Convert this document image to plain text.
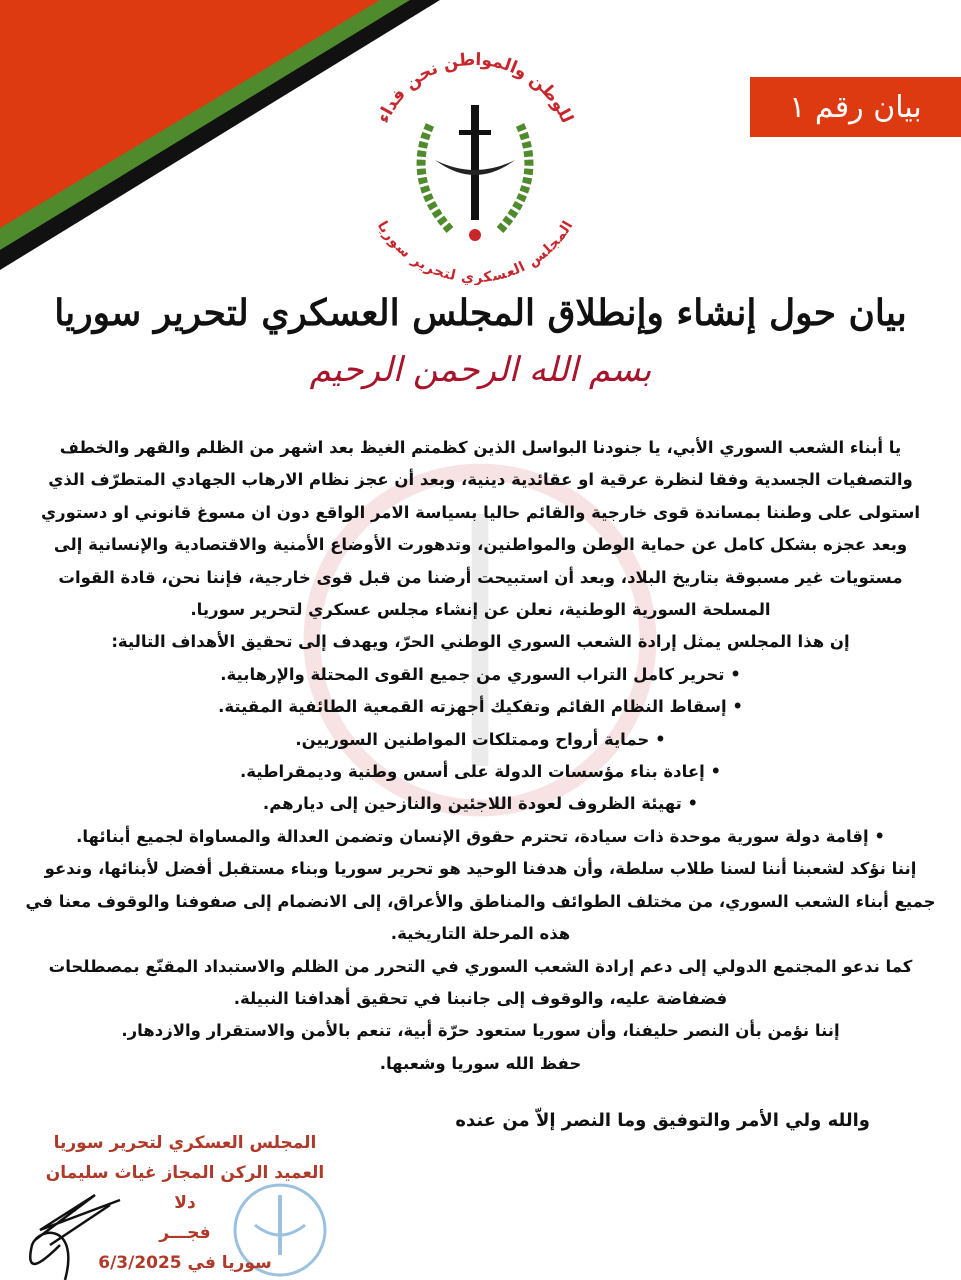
بيان رقم ١
للوطن والمواطن نحن فداء
المجلس العسكري لتحرير سوريا
بيان حول إنشاء وإنطلاق المجلس العسكري لتحرير سوريا
بسم الله الرحمن الرحيم
يا أبناء الشعب السوري الأبي، يا جنودنا البواسل الذين كظمتم الغيظ بعد اشهر من الظلم والقهر والخطف
والتصفيات الجسدية وفقا لنظرة عرقية او عقائدية دينية، وبعد أن عجز نظام الارهاب الجهادي المتطرّف الذي
استولى على وطننا بمساندة قوى خارجية والقائم حاليا بسياسة الامر الواقع دون ان مسوغ قانوني او دستوري
وبعد عجزه بشكل كامل عن حماية الوطن والمواطنين، وتدهورت الأوضاع الأمنية والاقتصادية والإنسانية إلى
مستويات غير مسبوقة بتاريخ البلاد، وبعد أن استبيحت أرضنا من قبل قوى خارجية، فإننا نحن، قادة القوات
المسلحة السورية الوطنية، نعلن عن إنشاء مجلس عسكري لتحرير سوريا.
إن هذا المجلس يمثل إرادة الشعب السوري الوطني الحرّ، ويهدف إلى تحقيق الأهداف التالية:
• تحرير كامل التراب السوري من جميع القوى المحتلة والإرهابية.
• إسقاط النظام القائم وتفكيك أجهزته القمعية الطائفية المقيتة.
• حماية أرواح وممتلكات المواطنين السوريين.
• إعادة بناء مؤسسات الدولة على أسس وطنية وديمقراطية.
• تهيئة الظروف لعودة اللاجئين والنازحين إلى ديارهم.
• إقامة دولة سورية موحدة ذات سيادة، تحترم حقوق الإنسان وتضمن العدالة والمساواة لجميع أبنائها.
إننا نؤكد لشعبنا أننا لسنا طلاب سلطة، وأن هدفنا الوحيد هو تحرير سوريا وبناء مستقبل أفضل لأبنائها، وندعو
جميع أبناء الشعب السوري، من مختلف الطوائف والمناطق والأعراق، إلى الانضمام إلى صفوفنا والوقوف معنا في
هذه المرحلة التاريخية.
كما ندعو المجتمع الدولي إلى دعم إرادة الشعب السوري في التحرر من الظلم والاستبداد المقنّع بمصطلحات
فضفاضة عليه، والوقوف إلى جانبنا في تحقيق أهدافنا النبيلة.
إننا نؤمن بأن النصر حليفنا، وأن سوريا ستعود حرّة أبية، تنعم بالأمن والاستقرار والازدهار.
حفظ الله سوريا وشعبها.
والله ولي الأمر والتوفيق وما النصر إلاّ من عنده
المجلس العسكري لتحرير سوريا
العميد الركن المجاز غياث سليمان دلا
فجـــر
سوريا في 6/3/2025
